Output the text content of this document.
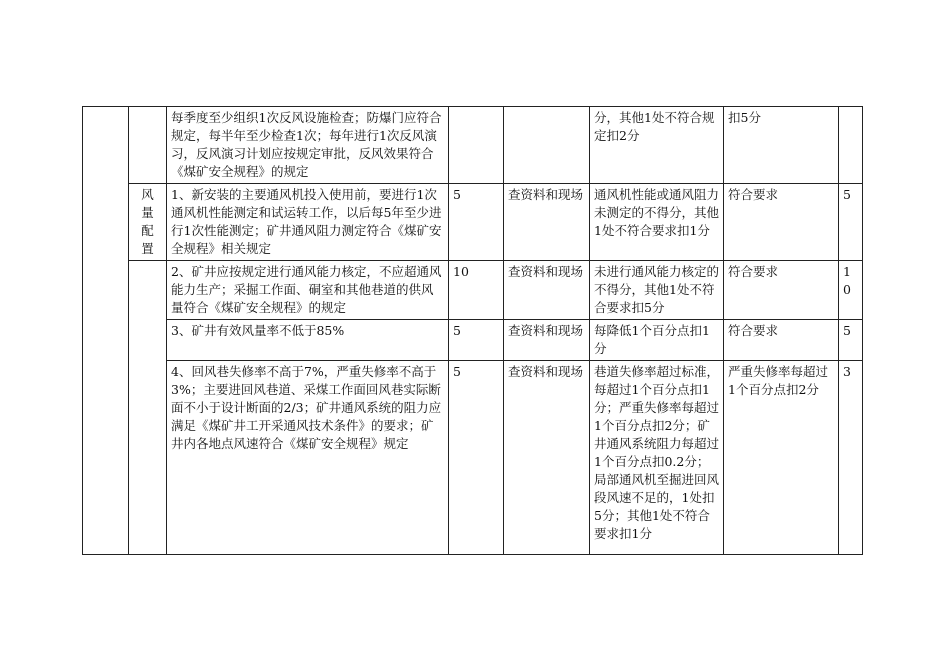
		每季度至少组织1次反风设施检查；防爆门应符合规定，每半年至少检查1次；每年进行1次反风演习，反风演习计划应按规定审批，反风效果符合《煤矿安全规程》的规定			分，其他1处不符合规定扣2分	扣5分	

	风量配置	1、新安装的主要通风机投入使用前，要进行1次通风机性能测定和试运转工作，以后每5年至少进行1次性能测定；矿井通风阻力测定符合《煤矿安全规程》相关规定	5	查资料和现场	通风机性能或通风阻力未测定的不得分，其他1处不符合要求扣1分	符合要求	5
		2、矿井应按规定进行通风能力核定，不应超通风能力生产；采掘工作面、硐室和其他巷道的供风量符合《煤矿安全规程》的规定	10	查资料和现场	未进行通风能力核定的不得分，其他1处不符合要求扣5分	符合要求	10
		3、矿井有效风量率不低于85%	5	查资料和现场	每降低1个百分点扣1分	符合要求	5
		4、回风巷失修率不高于7%，严重失修率不高于3%；主要进回风巷道、采煤工作面回风巷实际断面不小于设计断面的2/3；矿井通风系统的阻力应满足《煤矿井工开采通风技术条件》的要求；矿井内各地点风速符合《煤矿安全规程》规定	5	查资料和现场	巷道失修率超过标准，每超过1个百分点扣1分；严重失修率每超过1个百分点扣2分；矿井通风系统阻力每超过1个百分点扣0.2分；局部通风机至掘进回风段风速不足的，1处扣5分；其他1处不符合要求扣1分	严重失修率每超过1个百分点扣2分	3
